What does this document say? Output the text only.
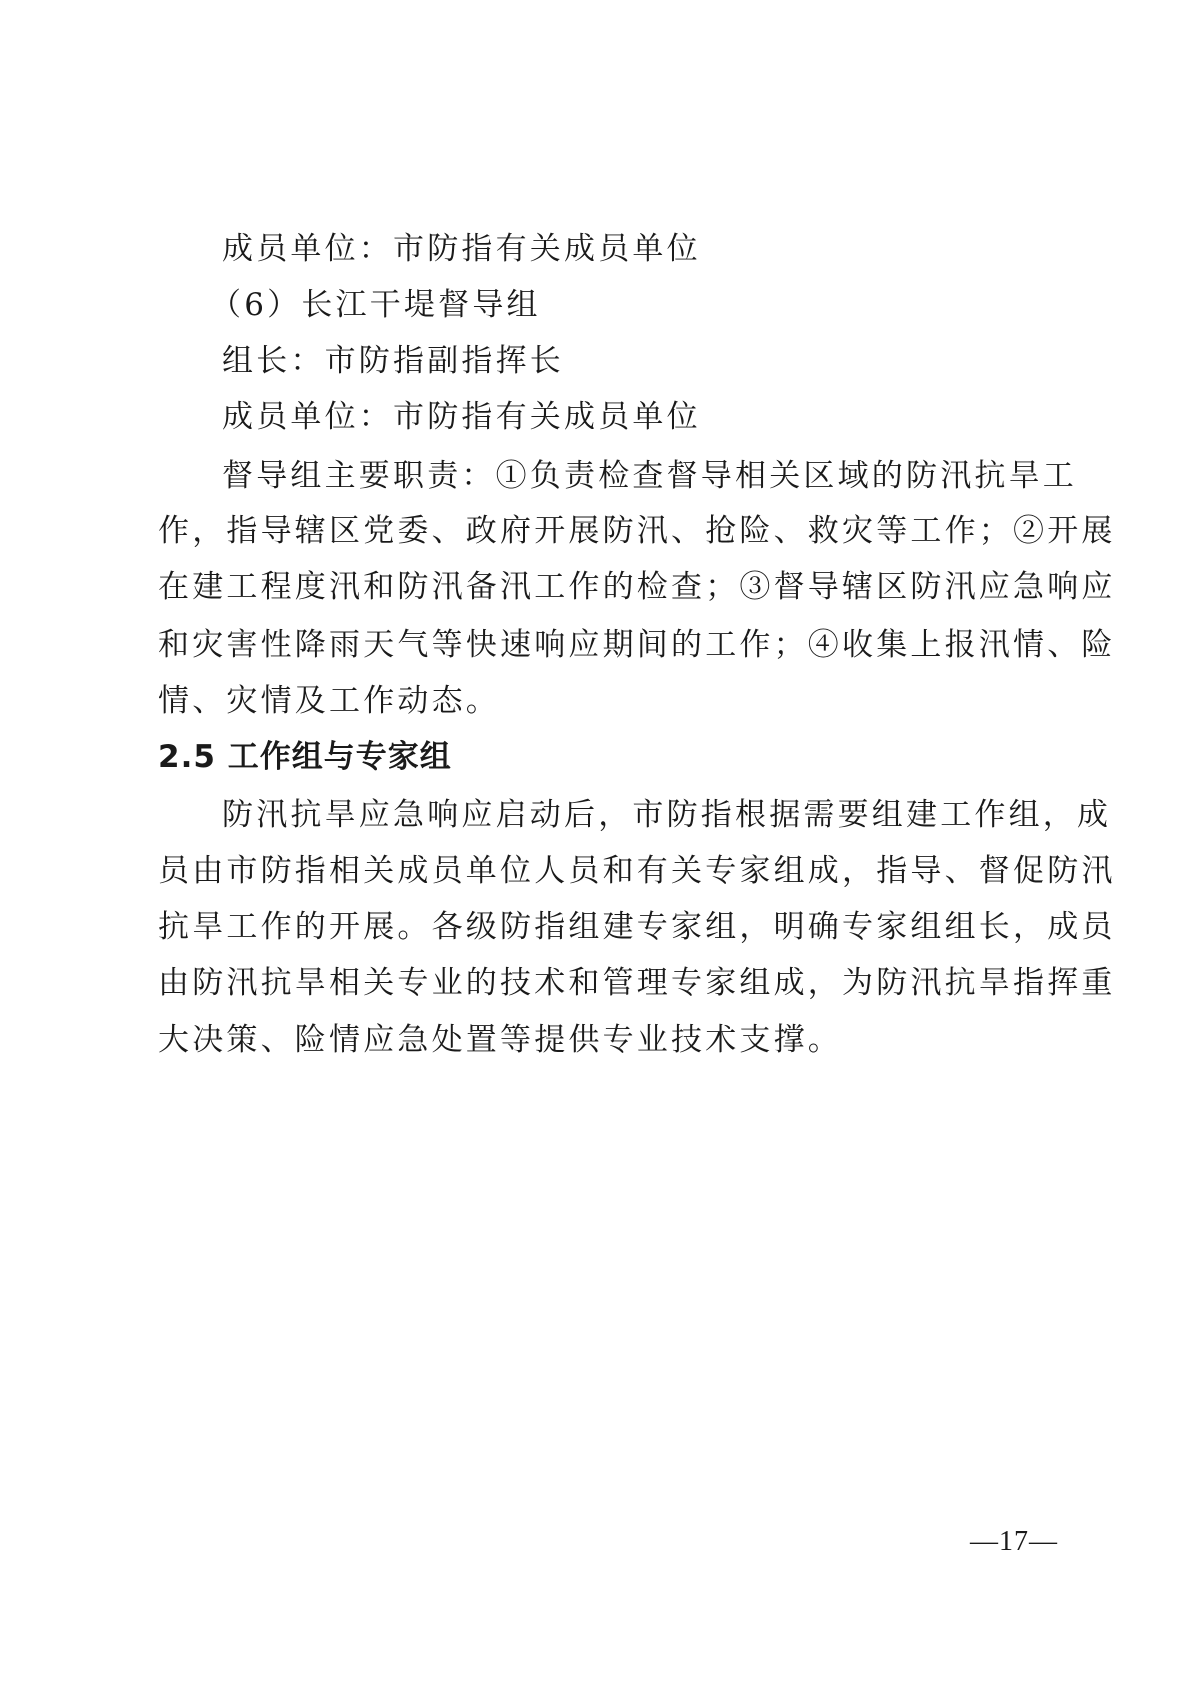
成员单位：市防指有关成员单位
（6）长江干堤督导组
组长：市防指副指挥长
成员单位：市防指有关成员单位
督导组主要职责：①负责检查督导相关区域的防汛抗旱工
作，指导辖区党委、政府开展防汛、抢险、救灾等工作；②开展
在建工程度汛和防汛备汛工作的检查；③督导辖区防汛应急响应
和灾害性降雨天气等快速响应期间的工作；④收集上报汛情、险
情、灾情及工作动态。
2.5 工作组与专家组
防汛抗旱应急响应启动后，市防指根据需要组建工作组，成
员由市防指相关成员单位人员和有关专家组成，指导、督促防汛
抗旱工作的开展。各级防指组建专家组，明确专家组组长，成员
由防汛抗旱相关专业的技术和管理专家组成，为防汛抗旱指挥重
大决策、险情应急处置等提供专业技术支撑。
—17—
